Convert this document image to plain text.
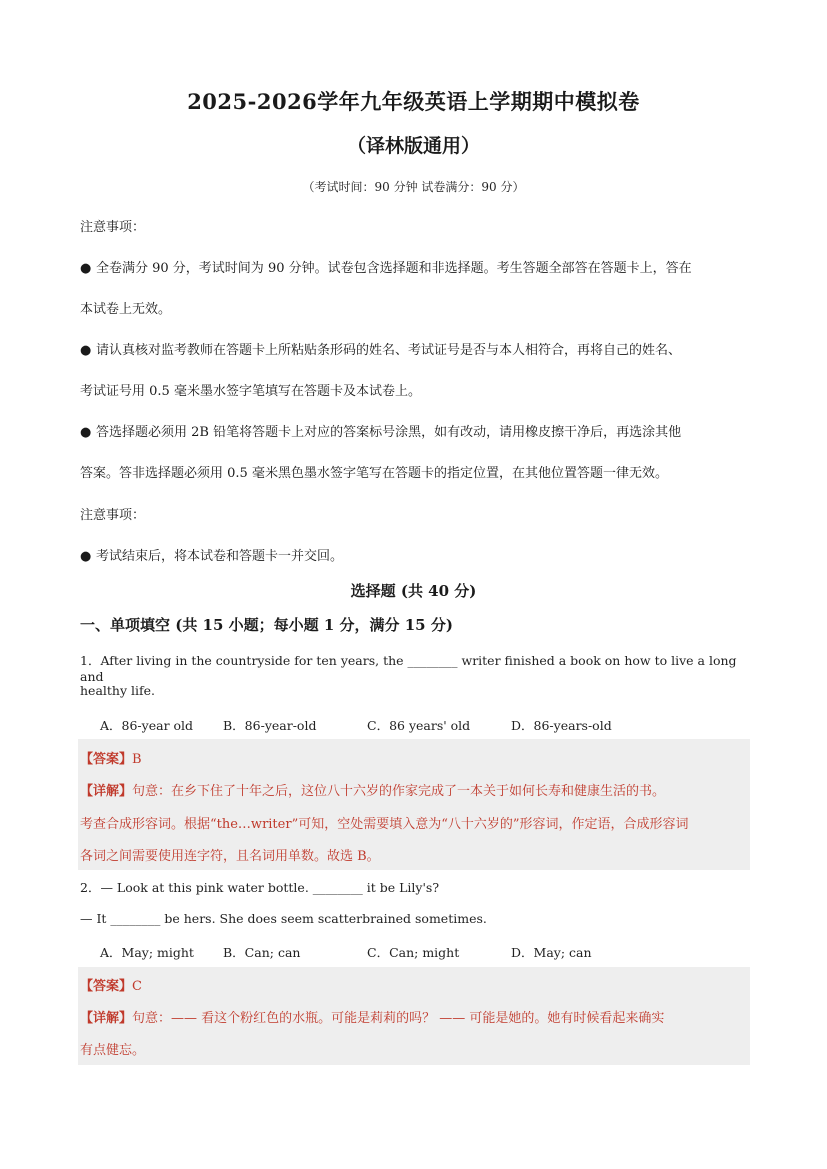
2025-2026学年九年级英语上学期期中模拟卷
（译林版通用）
（考试时间：90 分钟 试卷满分：90 分）
注意事项：
● 全卷满分 90 分，考试时间为 90 分钟。试卷包含选择题和非选择题。考生答题全部答在答题卡上，答在
本试卷上无效。
● 请认真核对监考教师在答题卡上所粘贴条形码的姓名、考试证号是否与本人相符合，再将自己的姓名、
考试证号用 0.5 毫米墨水签字笔填写在答题卡及本试卷上。
● 答选择题必须用 2B 铅笔将答题卡上对应的答案标号涂黑，如有改动，请用橡皮擦干净后，再选涂其他
答案。答非选择题必须用 0.5 毫米黑色墨水签字笔写在答题卡的指定位置，在其他位置答题一律无效。
注意事项：
● 考试结束后，将本试卷和答题卡一并交回。
选择题 (共 40 分)
一、单项填空 (共 15 小题；每小题 1 分，满分 15 分)
1．After living in the countryside for ten years, the ________ writer finished a book on how to live a long and
healthy life.
A．86-year old B．86-year-old	C．86 years' old	D．86-years-old
【答案】B
【详解】句意：在乡下住了十年之后，这位八十六岁的作家完成了一本关于如何长寿和健康生活的书。
考查合成形容词。根据“the…writer”可知，空处需要填入意为“八十六岁的”形容词，作定语，合成形容词
各词之间需要使用连字符，且名词用单数。故选 B。
2．— Look at this pink water bottle. ________ it be Lily's?
— It ________ be hers. She does seem scatterbrained sometimes.
A．May; might B．Can; can	C．Can; might	D．May; can
【答案】C
【详解】句意：—— 看这个粉红色的水瓶。可能是莉莉的吗？ —— 可能是她的。她有时候看起来确实
有点健忘。
